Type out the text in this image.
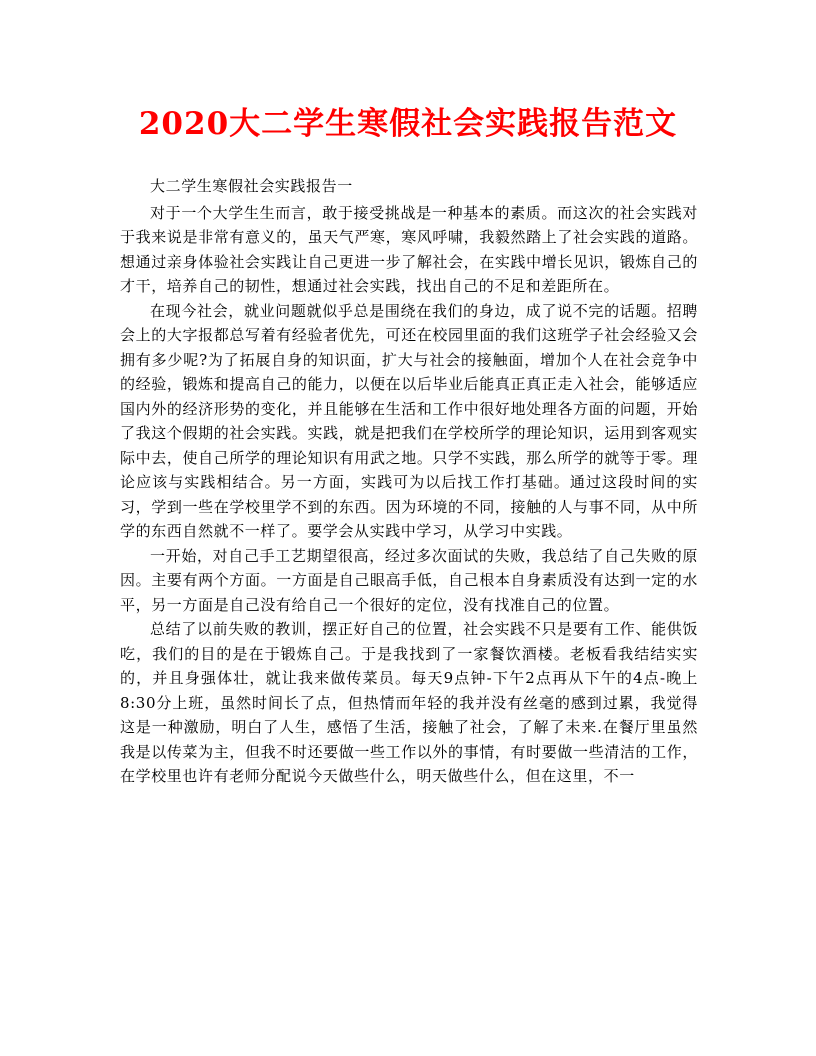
2020大二学生寒假社会实践报告范文

大二学生寒假社会实践报告一

对于一个大学生生而言，敢于接受挑战是一种基本的素质。而这次的社会实践对于我来说是非常有意义的，虽天气严寒，寒风呼啸，我毅然踏上了社会实践的道路。想通过亲身体验社会实践让自己更进一步了解社会，在实践中增长见识，锻炼自己的才干，培养自己的韧性，想通过社会实践，找出自己的不足和差距所在。

在现今社会，就业问题就似乎总是围绕在我们的身边，成了说不完的话题。招聘会上的大字报都总写着有经验者优先，可还在校园里面的我们这班学子社会经验又会拥有多少呢?为了拓展自身的知识面，扩大与社会的接触面，增加个人在社会竞争中的经验，锻炼和提高自己的能力，以便在以后毕业后能真正真正走入社会，能够适应国内外的经济形势的变化，并且能够在生活和工作中很好地处理各方面的问题，开始了我这个假期的社会实践。实践，就是把我们在学校所学的理论知识，运用到客观实际中去，使自己所学的理论知识有用武之地。只学不实践，那么所学的就等于零。理论应该与实践相结合。另一方面，实践可为以后找工作打基础。通过这段时间的实习，学到一些在学校里学不到的东西。因为环境的不同，接触的人与事不同，从中所学的东西自然就不一样了。要学会从实践中学习，从学习中实践。

一开始，对自己手工艺期望很高，经过多次面试的失败，我总结了自己失败的原因。主要有两个方面。一方面是自己眼高手低，自己根本自身素质没有达到一定的水平，另一方面是自己没有给自己一个很好的定位，没有找准自己的位置。

总结了以前失败的教训，摆正好自己的位置，社会实践不只是要有工作、能供饭吃，我们的目的是在于锻炼自己。于是我找到了一家餐饮酒楼。老板看我结结实实的，并且身强体壮，就让我来做传菜员。每天9点钟-下午2点再从下午的4点-晚上8:30分上班，虽然时间长了点，但热情而年轻的我并没有丝毫的感到过累，我觉得这是一种激励，明白了人生，感悟了生活，接触了社会，了解了未来.在餐厅里虽然我是以传菜为主，但我不时还要做一些工作以外的事情，有时要做一些清洁的工作，在学校里也许有老师分配说今天做些什么，明天做些什么，但在这里，不一
